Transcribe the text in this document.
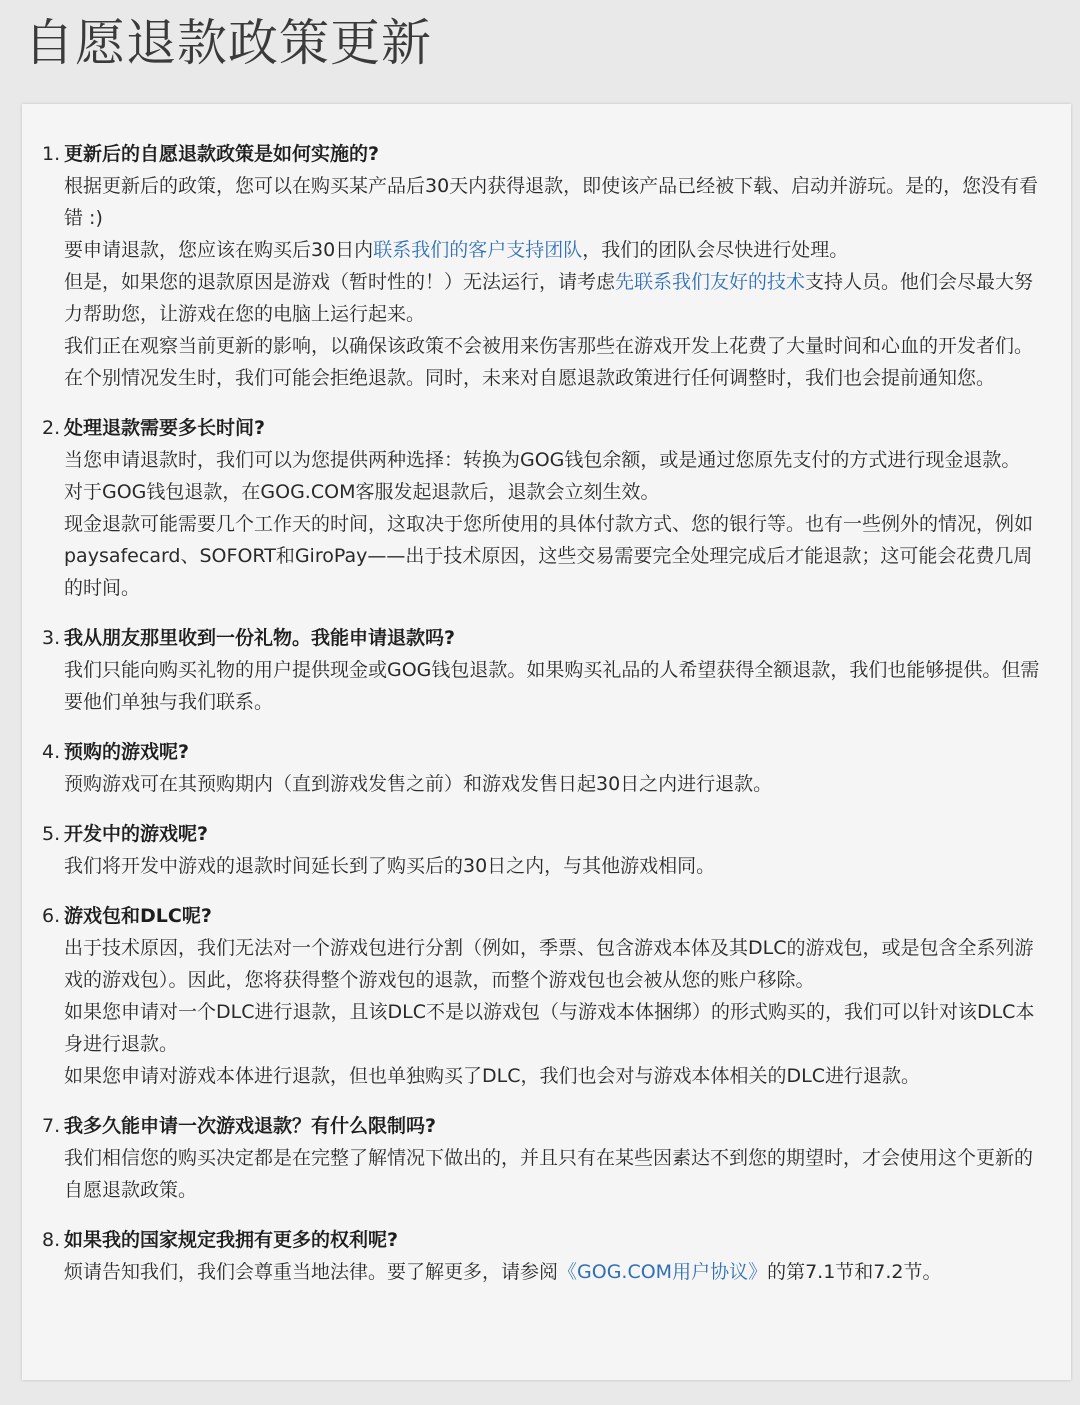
自愿退款政策更新
1. 更新后的自愿退款政策是如何实施的?

根据更新后的政策，您可以在购买某产品后30天内获得退款，即使该产品已经被下载、启动并游玩。是的，您没有看错 :)

要申请退款，您应该在购买后30日内联系我们的客户支持团队，我们的团队会尽快进行处理。

但是，如果您的退款原因是游戏（暂时性的！）无法运行，请考虑先联系我们友好的技术支持人员。他们会尽最大努力帮助您，让游戏在您的电脑上运行起来。

我们正在观察当前更新的影响，以确保该政策不会被用来伤害那些在游戏开发上花费了大量时间和心血的开发者们。在个别情况发生时，我们可能会拒绝退款。同时，未来对自愿退款政策进行任何调整时，我们也会提前通知您。

2. 处理退款需要多长时间?

当您申请退款时，我们可以为您提供两种选择：转换为GOG钱包余额，或是通过您原先支付的方式进行现金退款。

对于GOG钱包退款，在GOG.COM客服发起退款后，退款会立刻生效。

现金退款可能需要几个工作天的时间，这取决于您所使用的具体付款方式、您的银行等。也有一些例外的情况，例如 paysafecard、SOFORT和GiroPay——出于技术原因，这些交易需要完全处理完成后才能退款；这可能会花费几周的时间。

3. 我从朋友那里收到一份礼物。我能申请退款吗?

我们只能向购买礼物的用户提供现金或GOG钱包退款。如果购买礼品的人希望获得全额退款，我们也能够提供。但需要他们单独与我们联系。

4. 预购的游戏呢?

预购游戏可在其预购期内（直到游戏发售之前）和游戏发售日起30日之内进行退款。

5. 开发中的游戏呢?

我们将开发中游戏的退款时间延长到了购买后的30日之内，与其他游戏相同。

6. 游戏包和DLC呢?

出于技术原因，我们无法对一个游戏包进行分割（例如，季票、包含游戏本体及其DLC的游戏包，或是包含全系列游戏的游戏包）。因此，您将获得整个游戏包的退款，而整个游戏包也会被从您的账户移除。

如果您申请对一个DLC进行退款，且该DLC不是以游戏包（与游戏本体捆绑）的形式购买的，我们可以针对该DLC本身进行退款。

如果您申请对游戏本体进行退款，但也单独购买了DLC，我们也会对与游戏本体相关的DLC进行退款。

7. 我多久能申请一次游戏退款？有什么限制吗?

我们相信您的购买决定都是在完整了解情况下做出的，并且只有在某些因素达不到您的期望时，才会使用这个更新的自愿退款政策。

8. 如果我的国家规定我拥有更多的权利呢?

烦请告知我们，我们会尊重当地法律。要了解更多，请参阅《GOG.COM用户协议》的第7.1节和7.2节。
